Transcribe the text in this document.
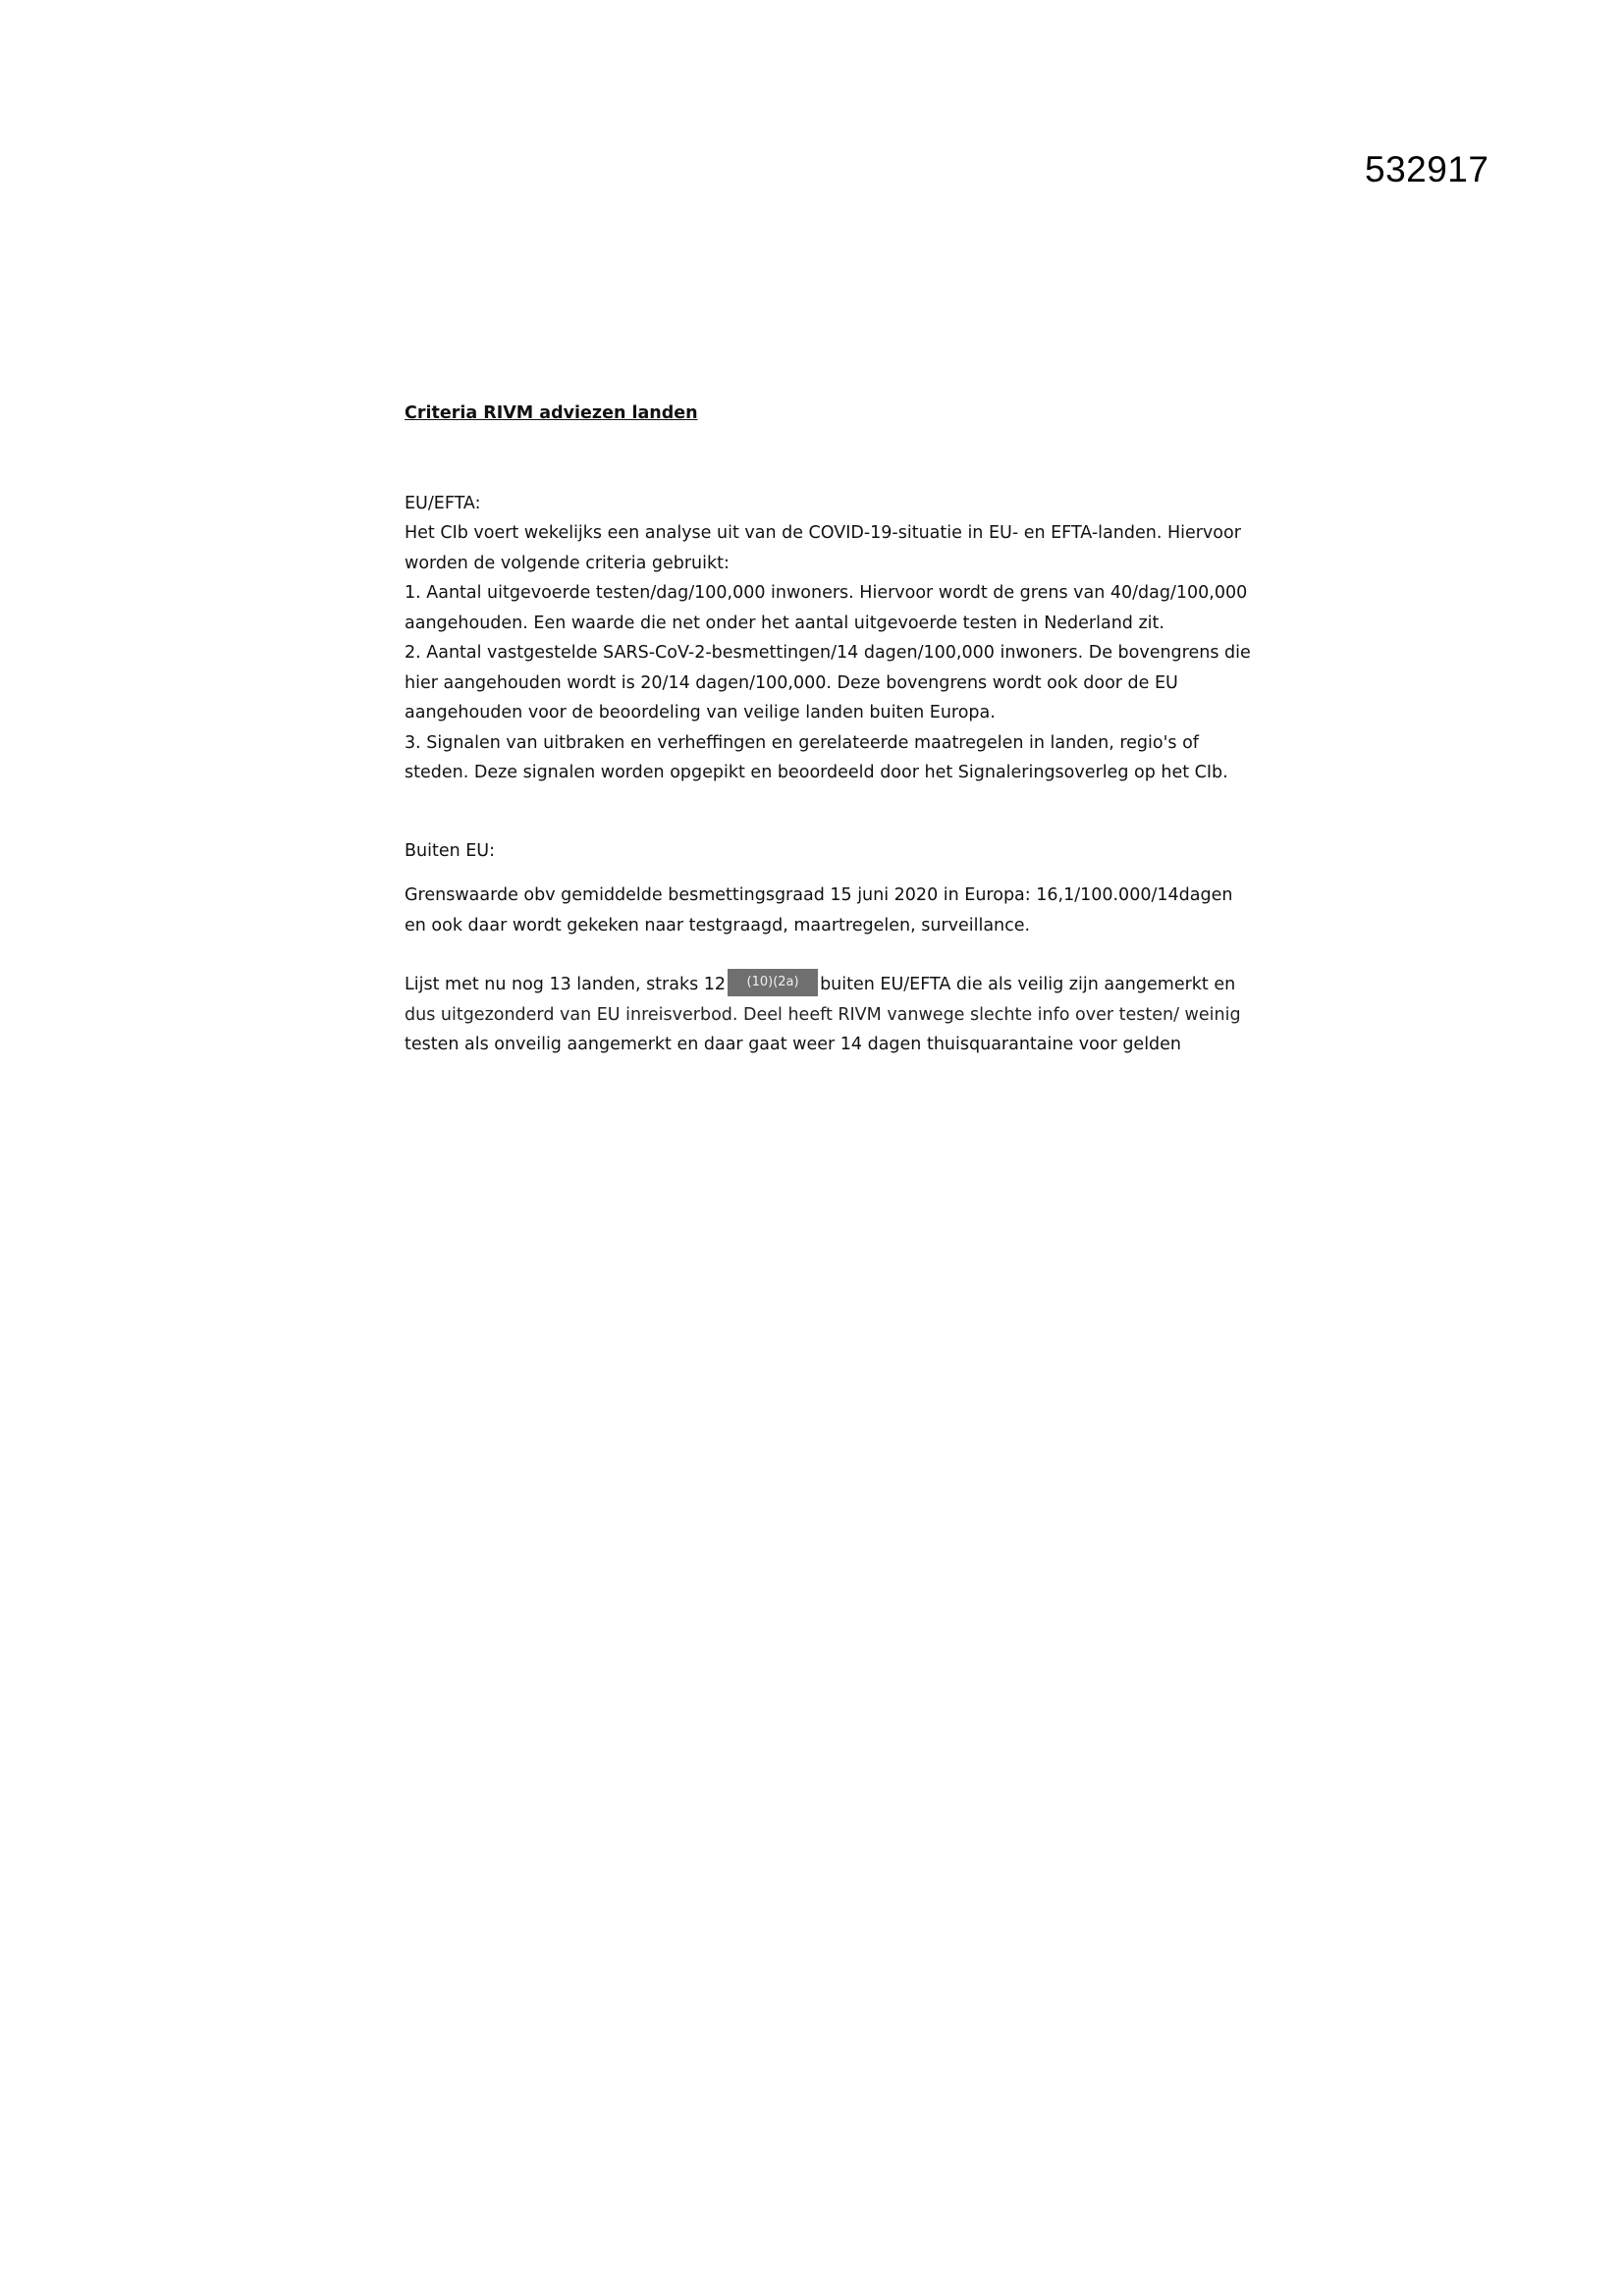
532917

Criteria RIVM adviezen landen

EU/EFTA:

Het CIb voert wekelijks een analyse uit van de COVID-19-situatie in EU- en EFTA-landen. Hiervoor
worden de volgende criteria gebruikt:
1. Aantal uitgevoerde testen/dag/100,000 inwoners. Hiervoor wordt de grens van 40/dag/100,000
aangehouden. Een waarde die net onder het aantal uitgevoerde testen in Nederland zit.
2. Aantal vastgestelde SARS-CoV-2-besmettingen/14 dagen/100,000 inwoners. De bovengrens die
hier aangehouden wordt is 20/14 dagen/100,000. Deze bovengrens wordt ook door de EU
aangehouden voor de beoordeling van veilige landen buiten Europa.
3. Signalen van uitbraken en verheffingen en gerelateerde maatregelen in landen, regio's of
steden. Deze signalen worden opgepikt en beoordeeld door het Signaleringsoverleg op het CIb.

Buiten EU:

Grenswaarde obv gemiddelde besmettingsgraad 15 juni 2020 in Europa: 16,1/100.000/14dagen
en ook daar wordt gekeken naar testgraagd, maartregelen, surveillance.
Lijst met nu nog 13 landen, straks 12 (10)(2a) buiten EU/EFTA die als veilig zijn aangemerkt en
dus uitgezonderd van EU inreisverbod. Deel heeft RIVM vanwege slechte info over testen/ weinig
testen als onveilig aangemerkt en daar gaat weer 14 dagen thuisquarantaine voor gelden
